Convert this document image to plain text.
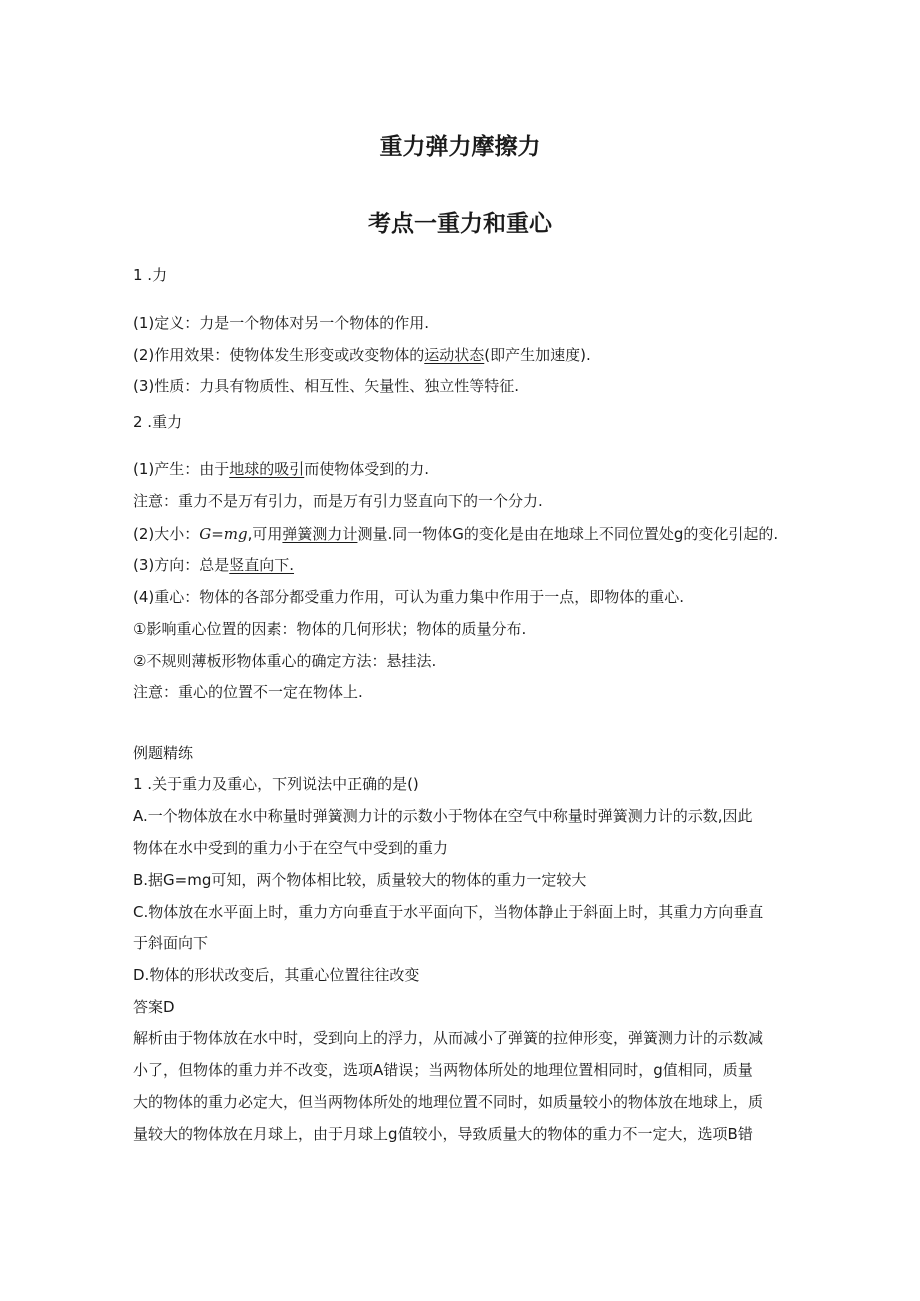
重力弹力摩擦力
考点一重力和重心
1 .力
(1)定义：力是一个物体对另一个物体的作用.
(2)作用效果：使物体发生形变或改变物体的运动状态(即产生加速度).
(3)性质：力具有物质性、相互性、矢量性、独立性等特征.
2 .重力
(1)产生：由于地球的吸引而使物体受到的力.
注意：重力不是万有引力，而是万有引力竖直向下的一个分力.
(2)大小：G=mg,可用弹簧测力计测量.同一物体G的变化是由在地球上不同位置处g的变化引起的.
(3)方向：总是竖直向下.
(4)重心：物体的各部分都受重力作用，可认为重力集中作用于一点，即物体的重心.
①影响重心位置的因素：物体的几何形状；物体的质量分布.
②不规则薄板形物体重心的确定方法：悬挂法.
注意：重心的位置不一定在物体上.
例题精练
1 .关于重力及重心，下列说法中正确的是()
A.一个物体放在水中称量时弹簧测力计的示数小于物体在空气中称量时弹簧测力计的示数,因此
物体在水中受到的重力小于在空气中受到的重力
B.据G=mg可知，两个物体相比较，质量较大的物体的重力一定较大
C.物体放在水平面上时，重力方向垂直于水平面向下，当物体静止于斜面上时，其重力方向垂直
于斜面向下
D.物体的形状改变后，其重心位置往往改变
答案D
解析由于物体放在水中时，受到向上的浮力，从而减小了弹簧的拉伸形变，弹簧测力计的示数减
小了，但物体的重力并不改变，选项A错误；当两物体所处的地理位置相同时，g值相同，质量
大的物体的重力必定大，但当两物体所处的地理位置不同时，如质量较小的物体放在地球上，质
量较大的物体放在月球上，由于月球上g值较小，导致质量大的物体的重力不一定大，选项B错
